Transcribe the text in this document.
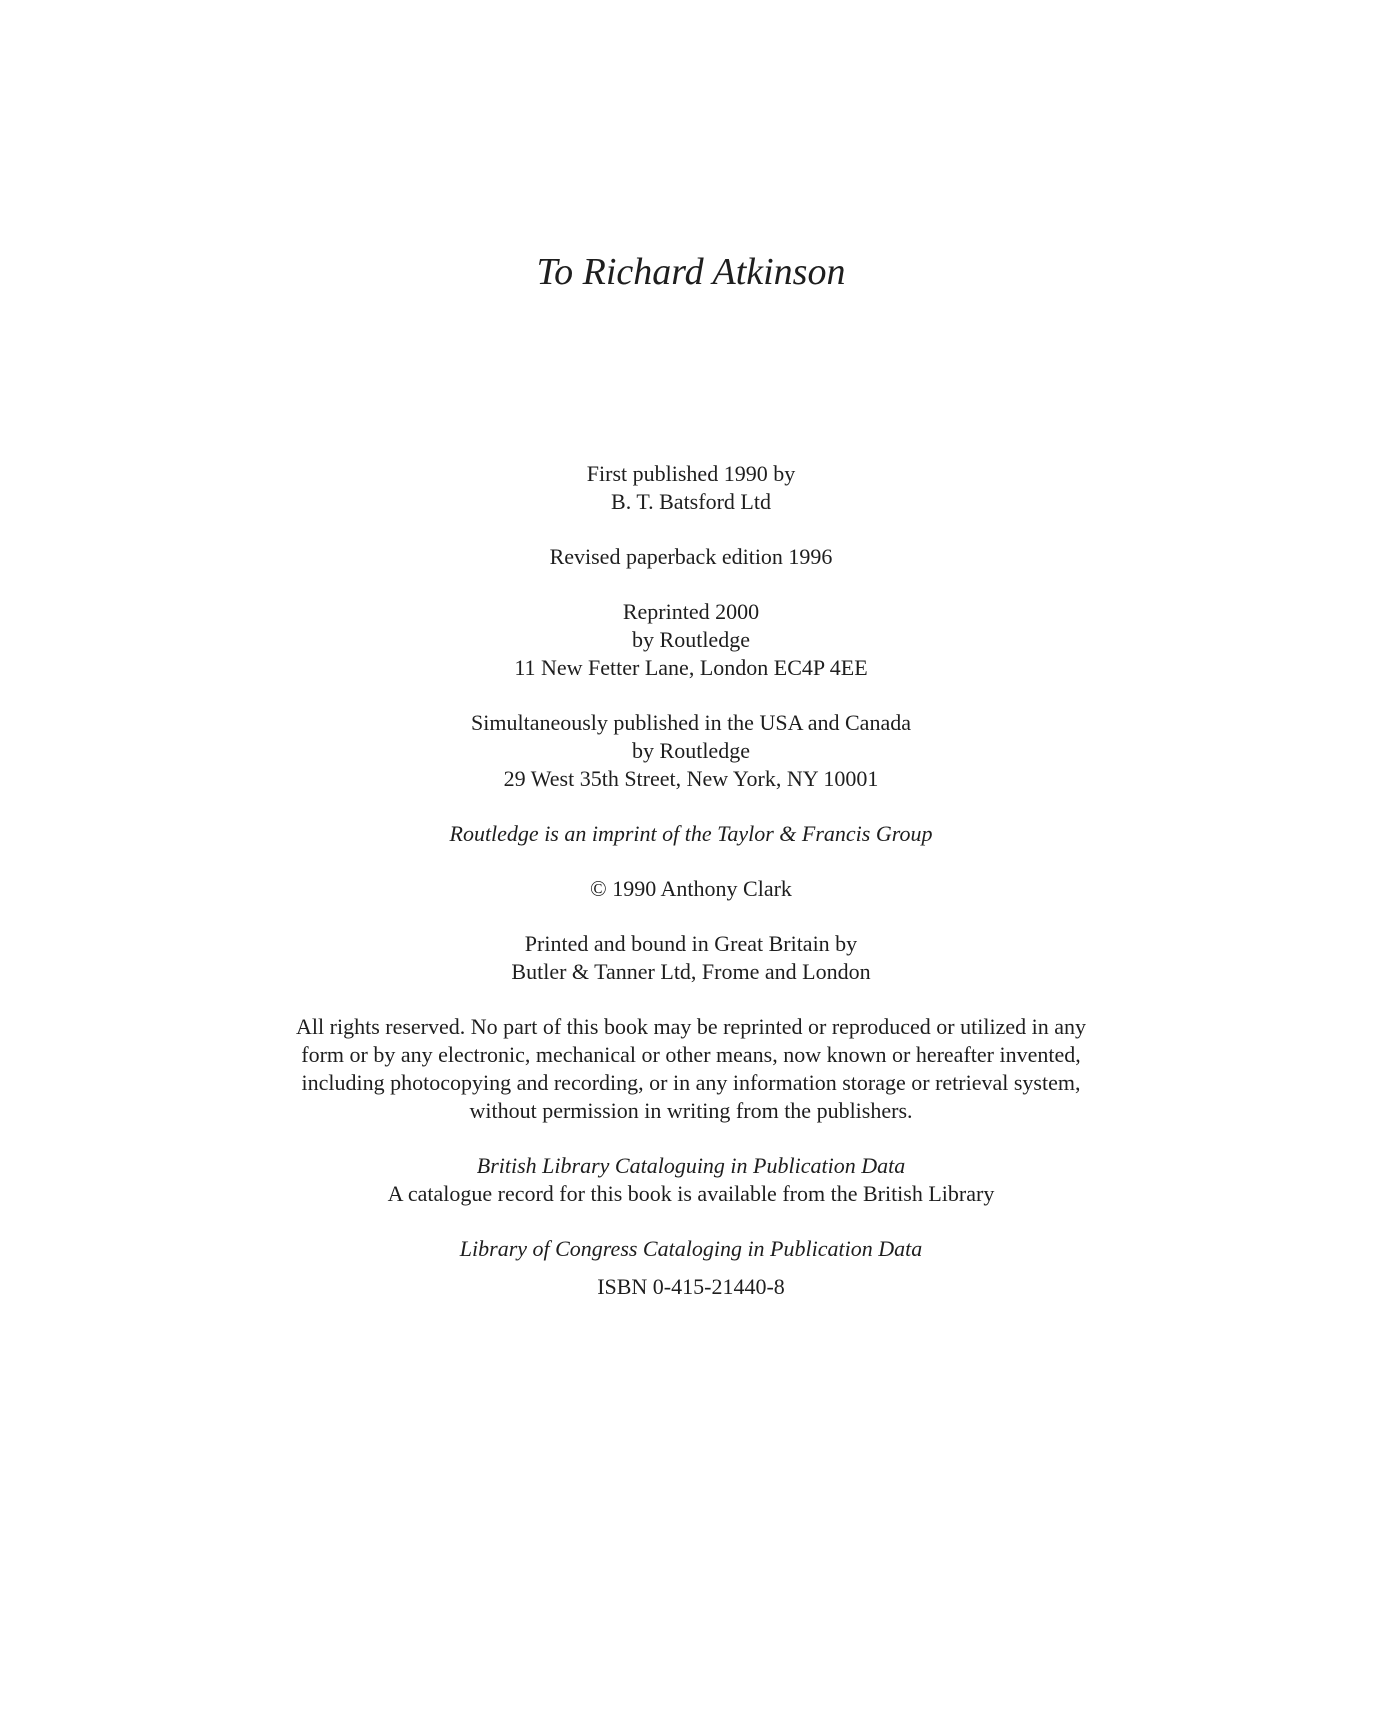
To Richard Atkinson
First published 1990 by
B. T. Batsford Ltd
Revised paperback edition 1996
Reprinted 2000
by Routledge
11 New Fetter Lane, London EC4P 4EE
Simultaneously published in the USA and Canada
by Routledge
29 West 35th Street, New York, NY 10001
Routledge is an imprint of the Taylor & Francis Group
© 1990 Anthony Clark
Printed and bound in Great Britain by
Butler & Tanner Ltd, Frome and London
All rights reserved. No part of this book may be reprinted or reproduced or utilized in any
form or by any electronic, mechanical or other means, now known or hereafter invented,
including photocopying and recording, or in any information storage or retrieval system,
without permission in writing from the publishers.
British Library Cataloguing in Publication Data
A catalogue record for this book is available from the British Library
Library of Congress Cataloging in Publication Data
ISBN 0-415-21440-8
